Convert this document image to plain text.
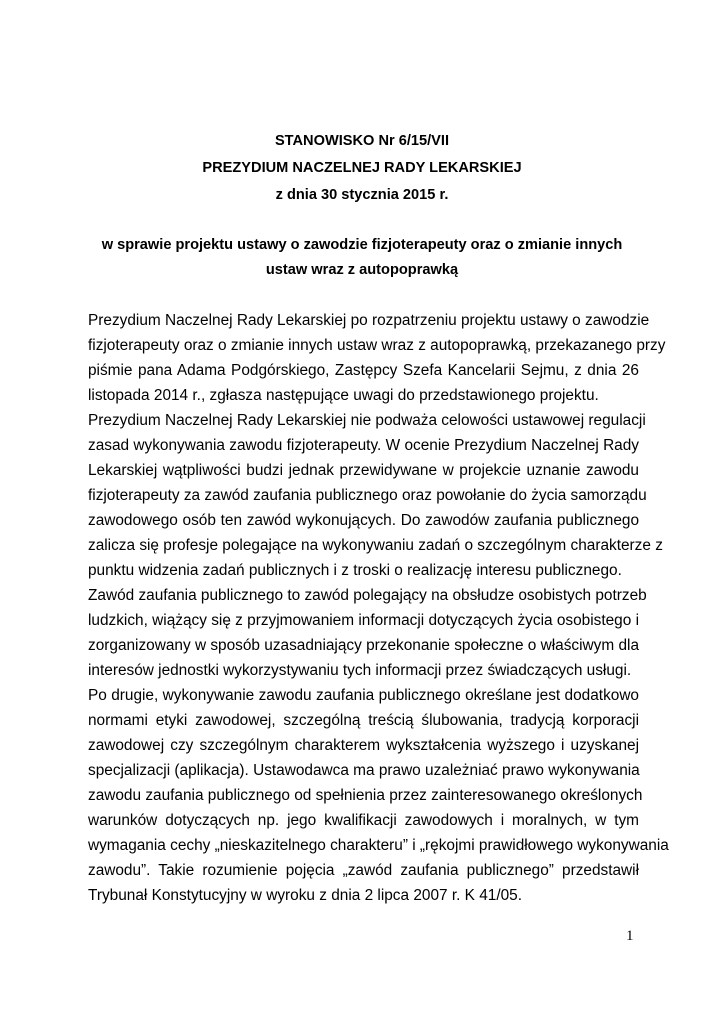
STANOWISKO Nr 6/15/VII
PREZYDIUM NACZELNEJ RADY LEKARSKIEJ
z dnia 30 stycznia 2015 r.
w sprawie projektu ustawy o zawodzie fizjoterapeuty oraz o zmianie innych
ustaw wraz z autopoprawką
Prezydium Naczelnej Rady Lekarskiej po rozpatrzeniu projektu ustawy o zawodzie
fizjoterapeuty oraz o zmianie innych ustaw wraz z autopoprawką, przekazanego przy
piśmie pana Adama Podgórskiego, Zastępcy Szefa Kancelarii Sejmu, z dnia 26
listopada 2014 r., zgłasza następujące uwagi do przedstawionego projektu.
Prezydium Naczelnej Rady Lekarskiej nie podważa celowości ustawowej regulacji
zasad wykonywania zawodu fizjoterapeuty. W ocenie Prezydium Naczelnej Rady
Lekarskiej wątpliwości budzi jednak przewidywane w projekcie uznanie zawodu
fizjoterapeuty za zawód zaufania publicznego oraz powołanie do życia samorządu
zawodowego osób ten zawód wykonujących. Do zawodów zaufania publicznego
zalicza się profesje polegające na wykonywaniu zadań o szczególnym charakterze z
punktu widzenia zadań publicznych i z troski o realizację interesu publicznego.
Zawód zaufania publicznego to zawód polegający na obsłudze osobistych potrzeb
ludzkich, wiążący się z przyjmowaniem informacji dotyczących życia osobistego i
zorganizowany w sposób uzasadniający przekonanie społeczne o właściwym dla
interesów jednostki wykorzystywaniu tych informacji przez świadczących usługi.
Po drugie, wykonywanie zawodu zaufania publicznego określane jest dodatkowo
normami etyki zawodowej, szczególną treścią ślubowania, tradycją korporacji
zawodowej czy szczególnym charakterem wykształcenia wyższego i uzyskanej
specjalizacji (aplikacja). Ustawodawca ma prawo uzależniać prawo wykonywania
zawodu zaufania publicznego od spełnienia przez zainteresowanego określonych
warunków dotyczących np. jego kwalifikacji zawodowych i moralnych, w tym
wymagania cechy „nieskazitelnego charakteru” i „rękojmi prawidłowego wykonywania
zawodu”. Takie rozumienie pojęcia „zawód zaufania publicznego” przedstawił
Trybunał Konstytucyjny w wyroku z dnia 2 lipca 2007 r. K 41/05.
1
